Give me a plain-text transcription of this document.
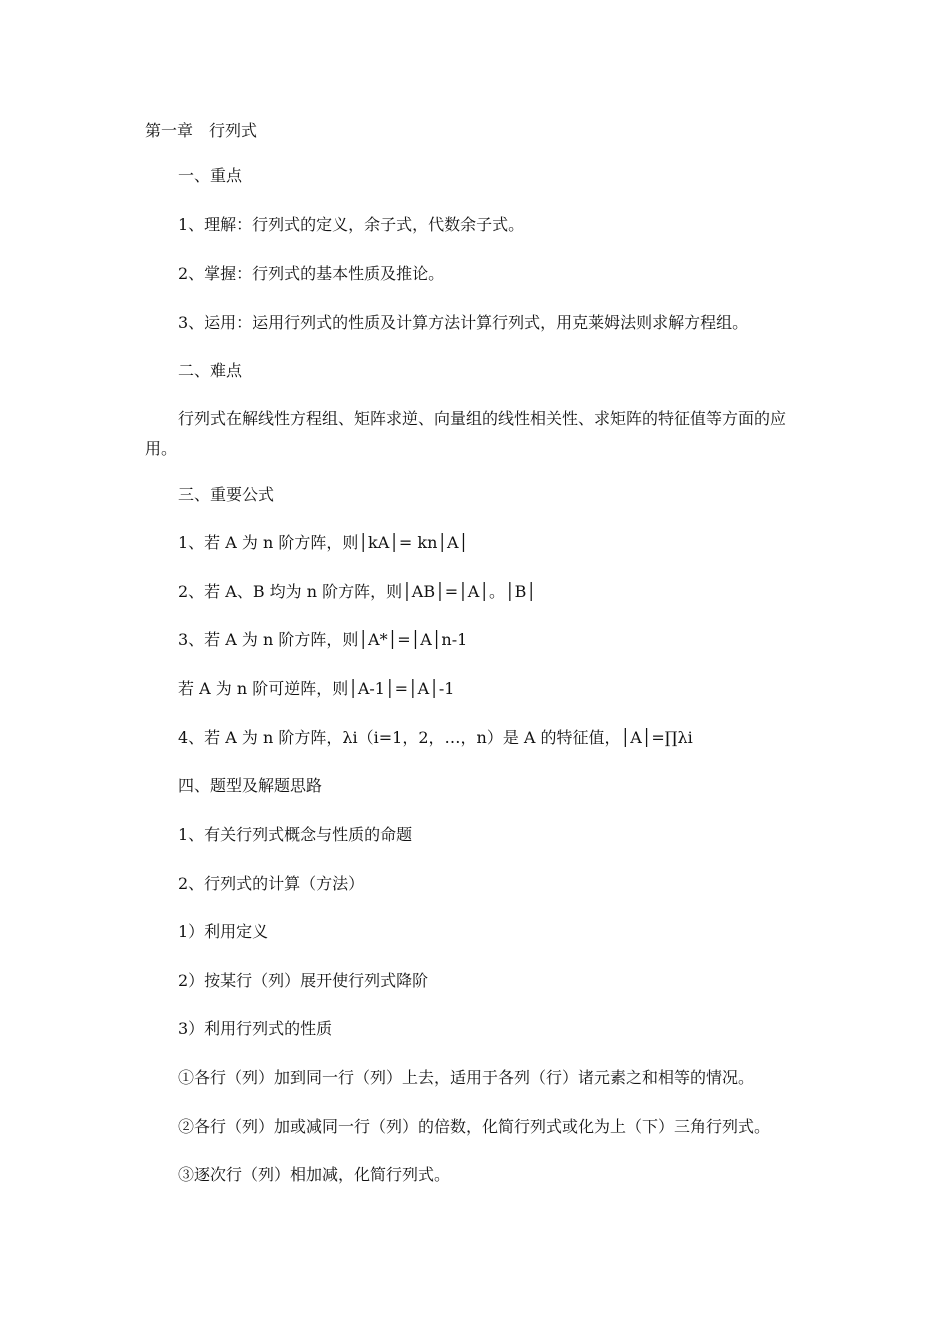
第一章　行列式
一、重点
1、理解：行列式的定义，余子式，代数余子式。
2、掌握：行列式的基本性质及推论。
3、运用：运用行列式的性质及计算方法计算行列式，用克莱姆法则求解方程组。
二、难点
行列式在解线性方程组、矩阵求逆、向量组的线性相关性、求矩阵的特征值等方面的应用。
三、重要公式
1、若 A 为 n 阶方阵，则│kA│= kn│A│
2、若 A、B 均为 n 阶方阵，则│AB│=│A│。│B│
3、若 A 为 n 阶方阵，则│A*│=│A│n-1
若 A 为 n 阶可逆阵，则│A-1│=│A│-1
4、若 A 为 n 阶方阵，λi（i=1，2，…，n）是 A 的特征值，│A│=∏λi
四、题型及解题思路
1、有关行列式概念与性质的命题
2、行列式的计算（方法）
1）利用定义
2）按某行（列）展开使行列式降阶
3）利用行列式的性质
①各行（列）加到同一行（列）上去，适用于各列（行）诸元素之和相等的情况。
②各行（列）加或减同一行（列）的倍数，化简行列式或化为上（下）三角行列式。
③逐次行（列）相加减，化简行列式。
